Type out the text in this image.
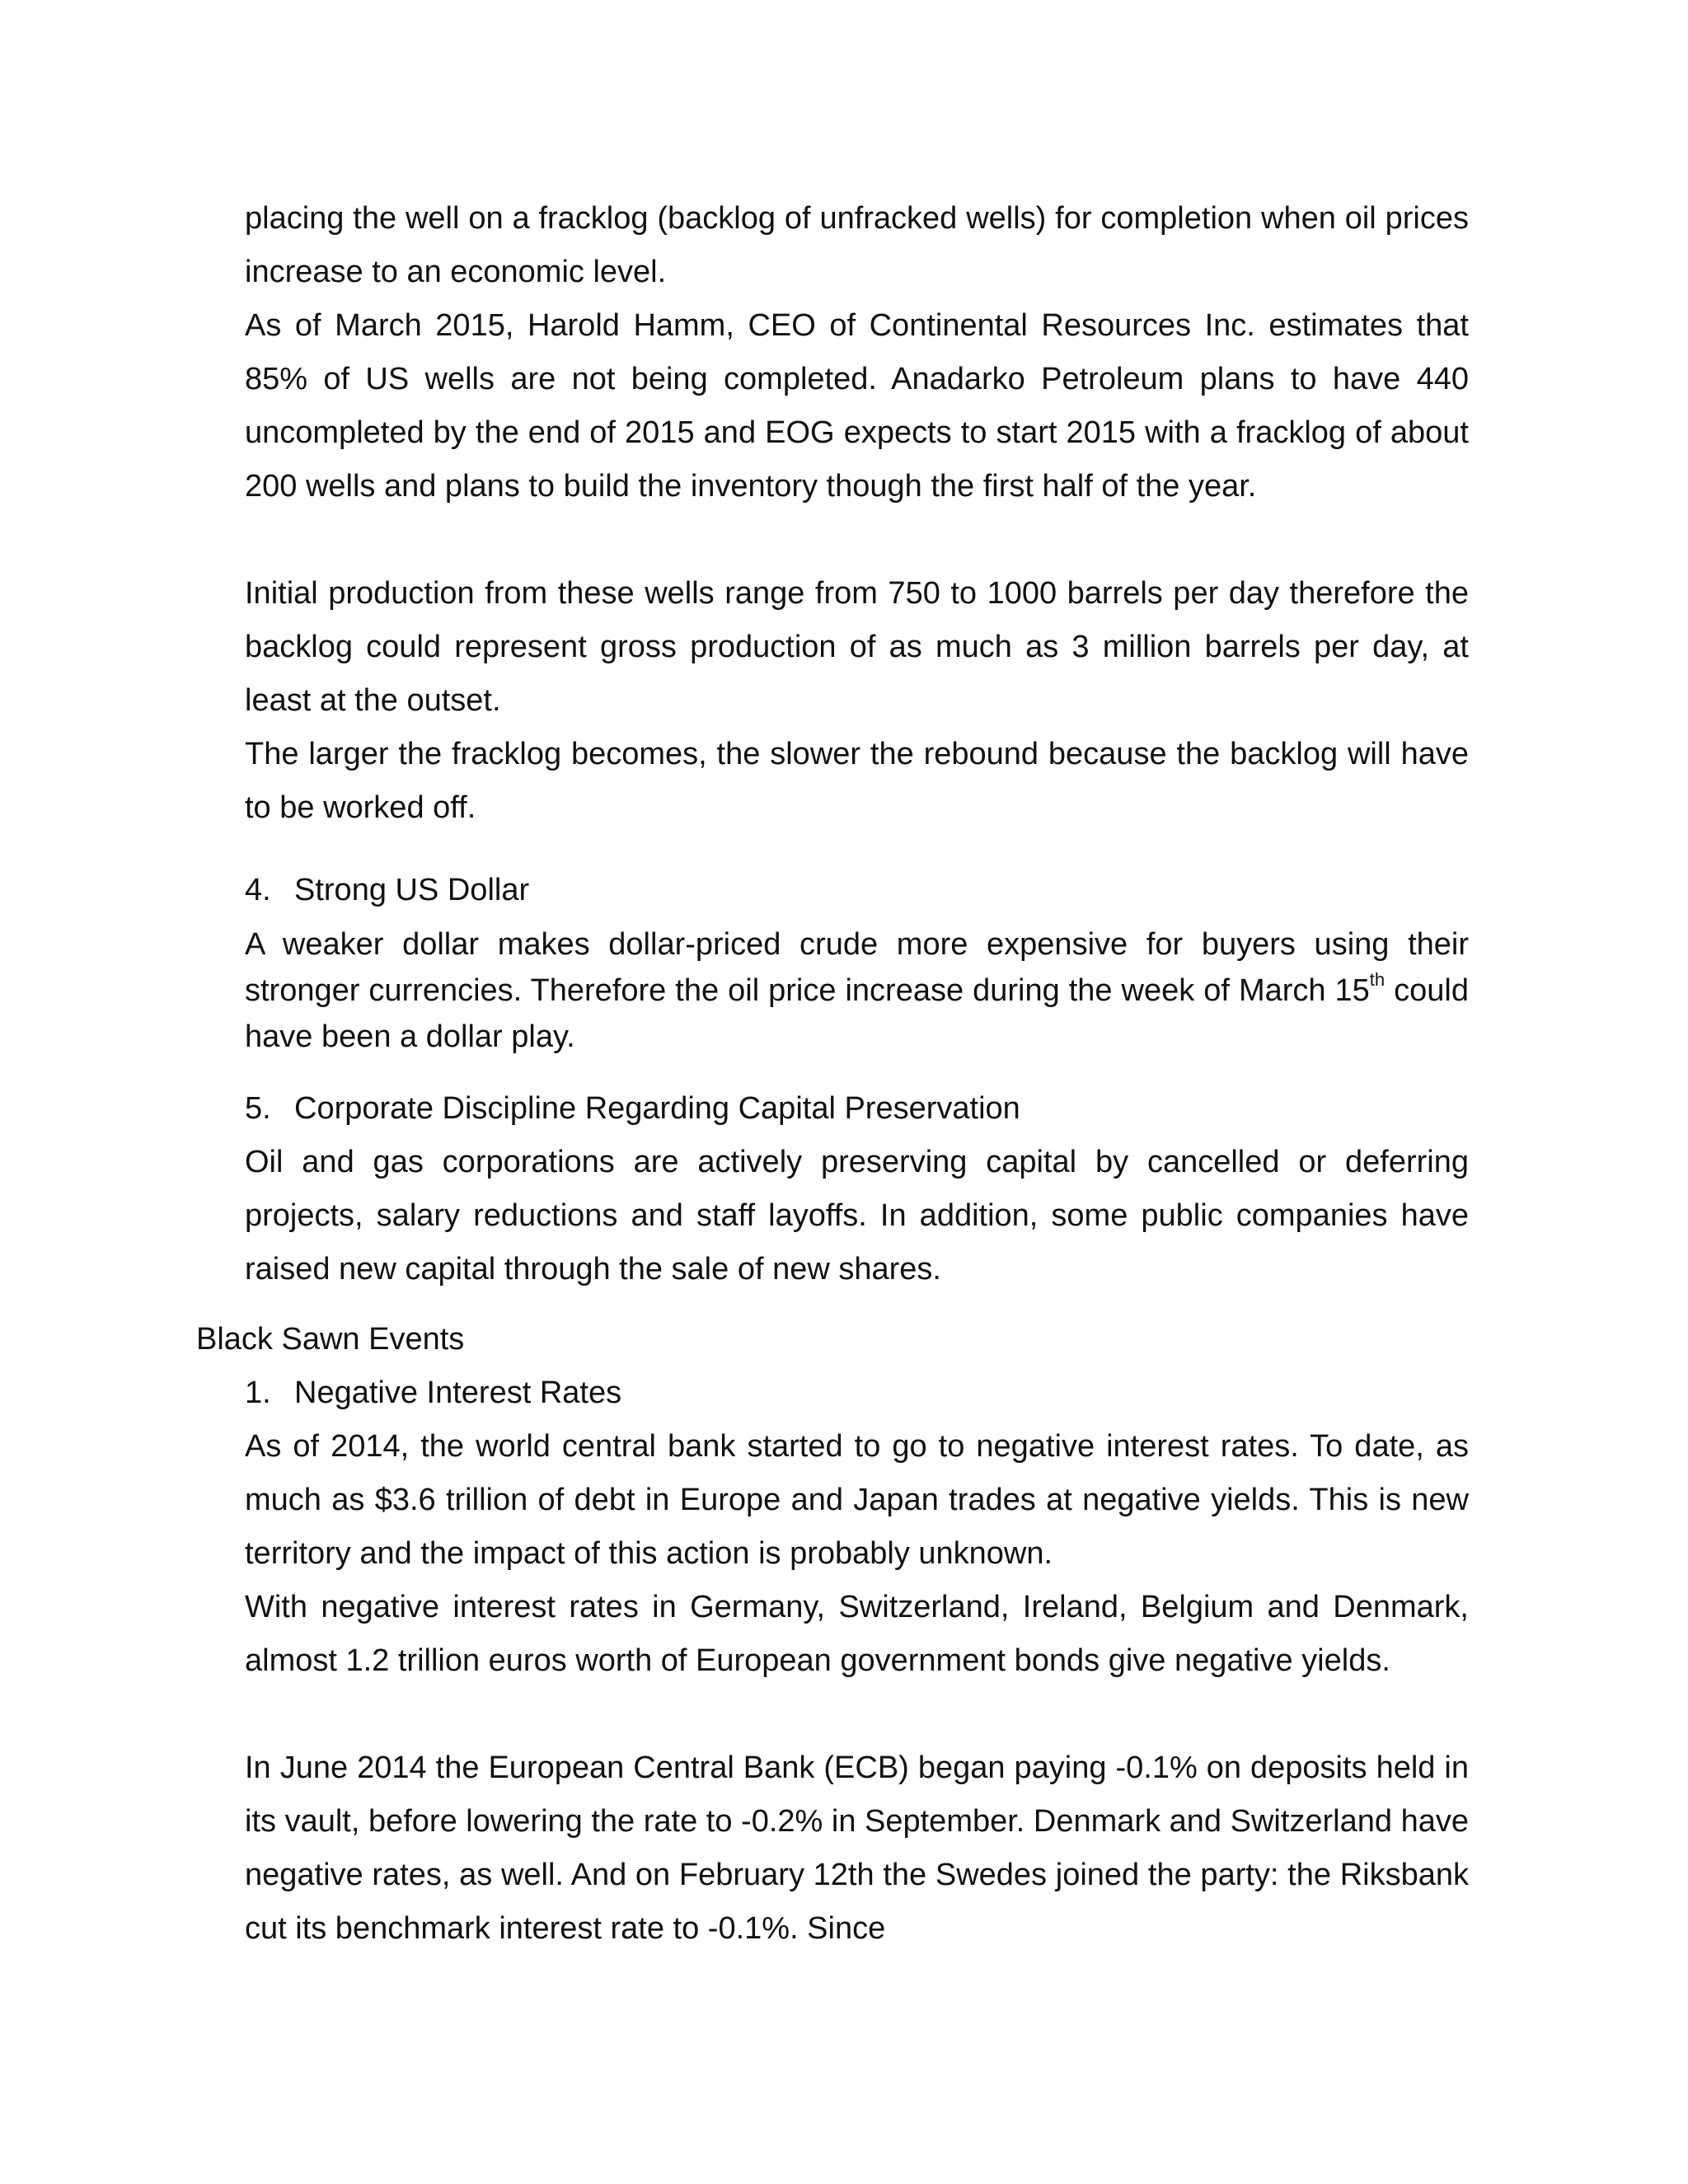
placing the well on a fracklog (backlog of unfracked wells) for completion when oil prices increase to an economic level.

As of March 2015, Harold Hamm, CEO of Continental Resources Inc. estimates that 85% of US wells are not being completed. Anadarko Petroleum plans to have 440 uncompleted by the end of 2015 and EOG expects to start 2015 with a fracklog of about 200 wells and plans to build the inventory though the first half of the year.

Initial production from these wells range from 750 to 1000 barrels per day therefore the backlog could represent gross production of as much as 3 million barrels per day, at least at the outset.

The larger the fracklog becomes, the slower the rebound because the backlog will have to be worked off.

4. Strong US Dollar

A weaker dollar makes dollar-priced crude more expensive for buyers using their stronger currencies. Therefore the oil price increase during the week of March 15th could have been a dollar play.

5. Corporate Discipline Regarding Capital Preservation

Oil and gas corporations are actively preserving capital by cancelled or deferring projects, salary reductions and staff layoffs. In addition, some public companies have raised new capital through the sale of new shares.

Black Sawn Events
1. Negative Interest Rates

As of 2014, the world central bank started to go to negative interest rates. To date, as much as $3.6 trillion of debt in Europe and Japan trades at negative yields. This is new territory and the impact of this action is probably unknown.

With negative interest rates in Germany, Switzerland, Ireland, Belgium and Denmark, almost 1.2 trillion euros worth of European government bonds give negative yields.

In June 2014 the European Central Bank (ECB) began paying -0.1% on deposits held in its vault, before lowering the rate to -0.2% in September. Denmark and Switzerland have negative rates, as well. And on February 12th the Swedes joined the party: the Riksbank cut its benchmark interest rate to -0.1%. Since
